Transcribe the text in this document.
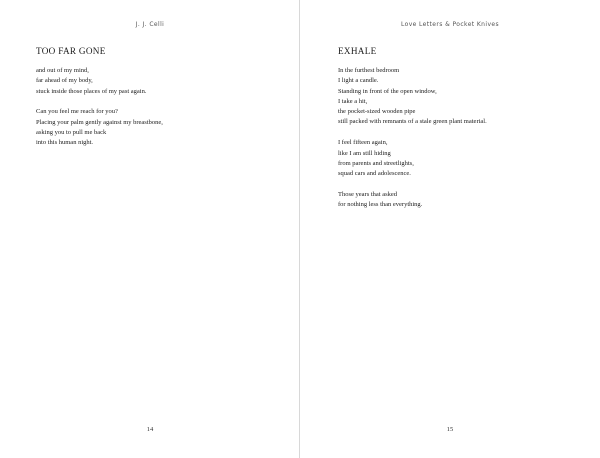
J. J. Celli
TOO FAR GONE
and out of my mind,
far ahead of my body,
stuck inside those places of my past again.
Can you feel me reach for you?
Placing your palm gently against my breastbone,
asking you to pull me back
into this human night.
14
Love Letters & Pocket Knives
EXHALE
In the furthest bedroom
I light a candle.
Standing in front of the open window,
I take a hit,
the pocket-sized wooden pipe
still packed with remnants of a stale green plant material.
I feel fifteen again,
like I am still hiding
from parents and streetlights,
squad cars and adolescence.
Those years that asked
for nothing less than everything.
15
